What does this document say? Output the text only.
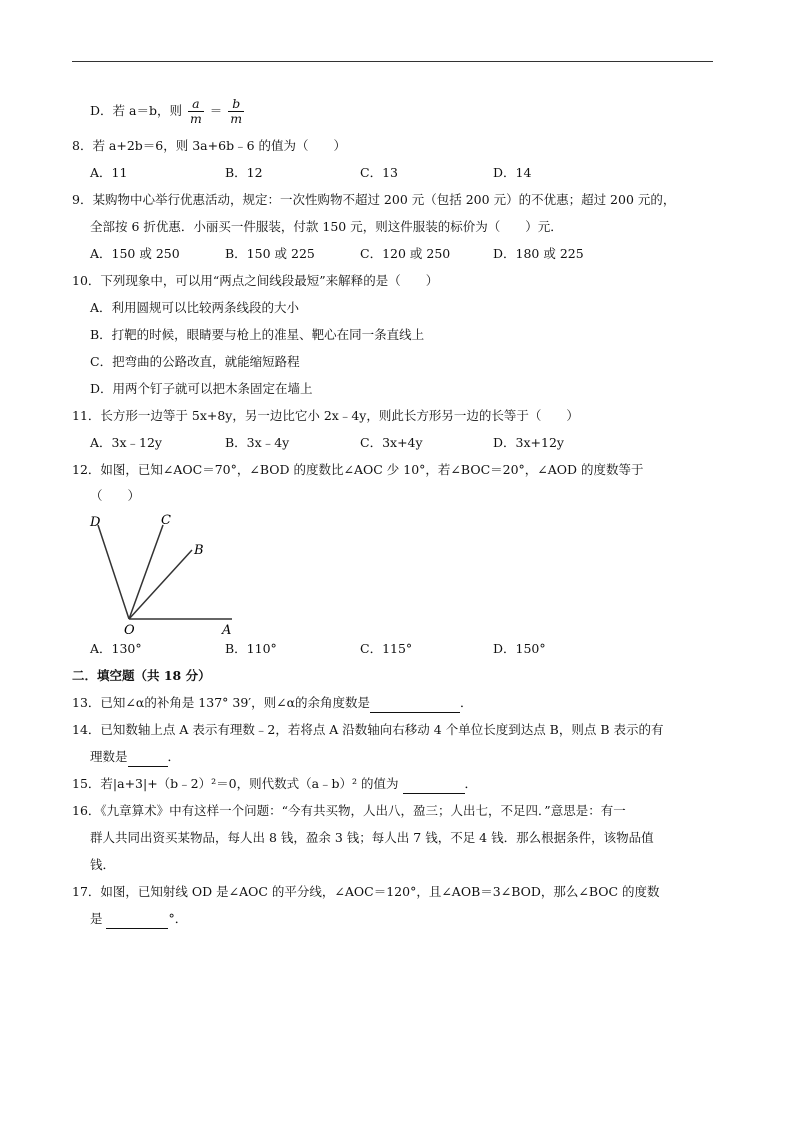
D．若 a＝b，则 $\frac{a}{m} = \frac{b}{m}$
8．若 a+2b＝6，则 3a+6b﹣6 的值为（　　）
A．11	B．12	C．13	D．14
9．某购物中心举行优惠活动，规定：一次性购物不超过 200 元（包括 200 元）的不优惠；超过 200 元的，
全部按 6 折优惠．小丽买一件服装，付款 150 元，则这件服装的标价为（　　）元．
A．150 或 250	B．150 或 225	C．120 或 250	D．180 或 225
10．下列现象中，可以用“两点之间线段最短”来解释的是（　　）
A．利用圆规可以比较两条线段的大小
B．打靶的时候，眼睛要与枪上的准星、靶心在同一条直线上
C．把弯曲的公路改直，就能缩短路程
D．用两个钉子就可以把木条固定在墙上
11．长方形一边等于 5x+8y，另一边比它小 2x﹣4y，则此长方形另一边的长等于（　　）
A．3x﹣12y	B．3x﹣4y	C．3x+4y	D．3x+12y
12．如图，已知∠AOC＝70°，∠BOD 的度数比∠AOC 少 10°，若∠BOC＝20°，∠AOD 的度数等于
（　　）
D	C
B
O	A
A．130°	B．110°	C．115°	D．150°
二．填空题（共 18 分）
13．已知∠α的补角是 137° 39′，则∠α的余角度数是	．
14．已知数轴上点 A 表示有理数﹣2，若将点 A 沿数轴向右移动 4 个单位长度到达点 B，则点 B 表示的有
理数是	．
15．若|a+3|+（b﹣2）²＝0，则代数式（a﹣b）² 的值为	．
16．《九章算术》中有这样一个问题：“今有共买物，人出八，盈三；人出七，不足四．”意思是：有一
群人共同出资买某物品，每人出 8 钱，盈余 3 钱；每人出 7 钱，不足 4 钱．那么根据条件，该物品值
钱．
17．如图，已知射线 OD 是∠AOC 的平分线，∠AOC＝120°，且∠AOB＝3∠BOD，那么∠BOC 的度数
是	°．
